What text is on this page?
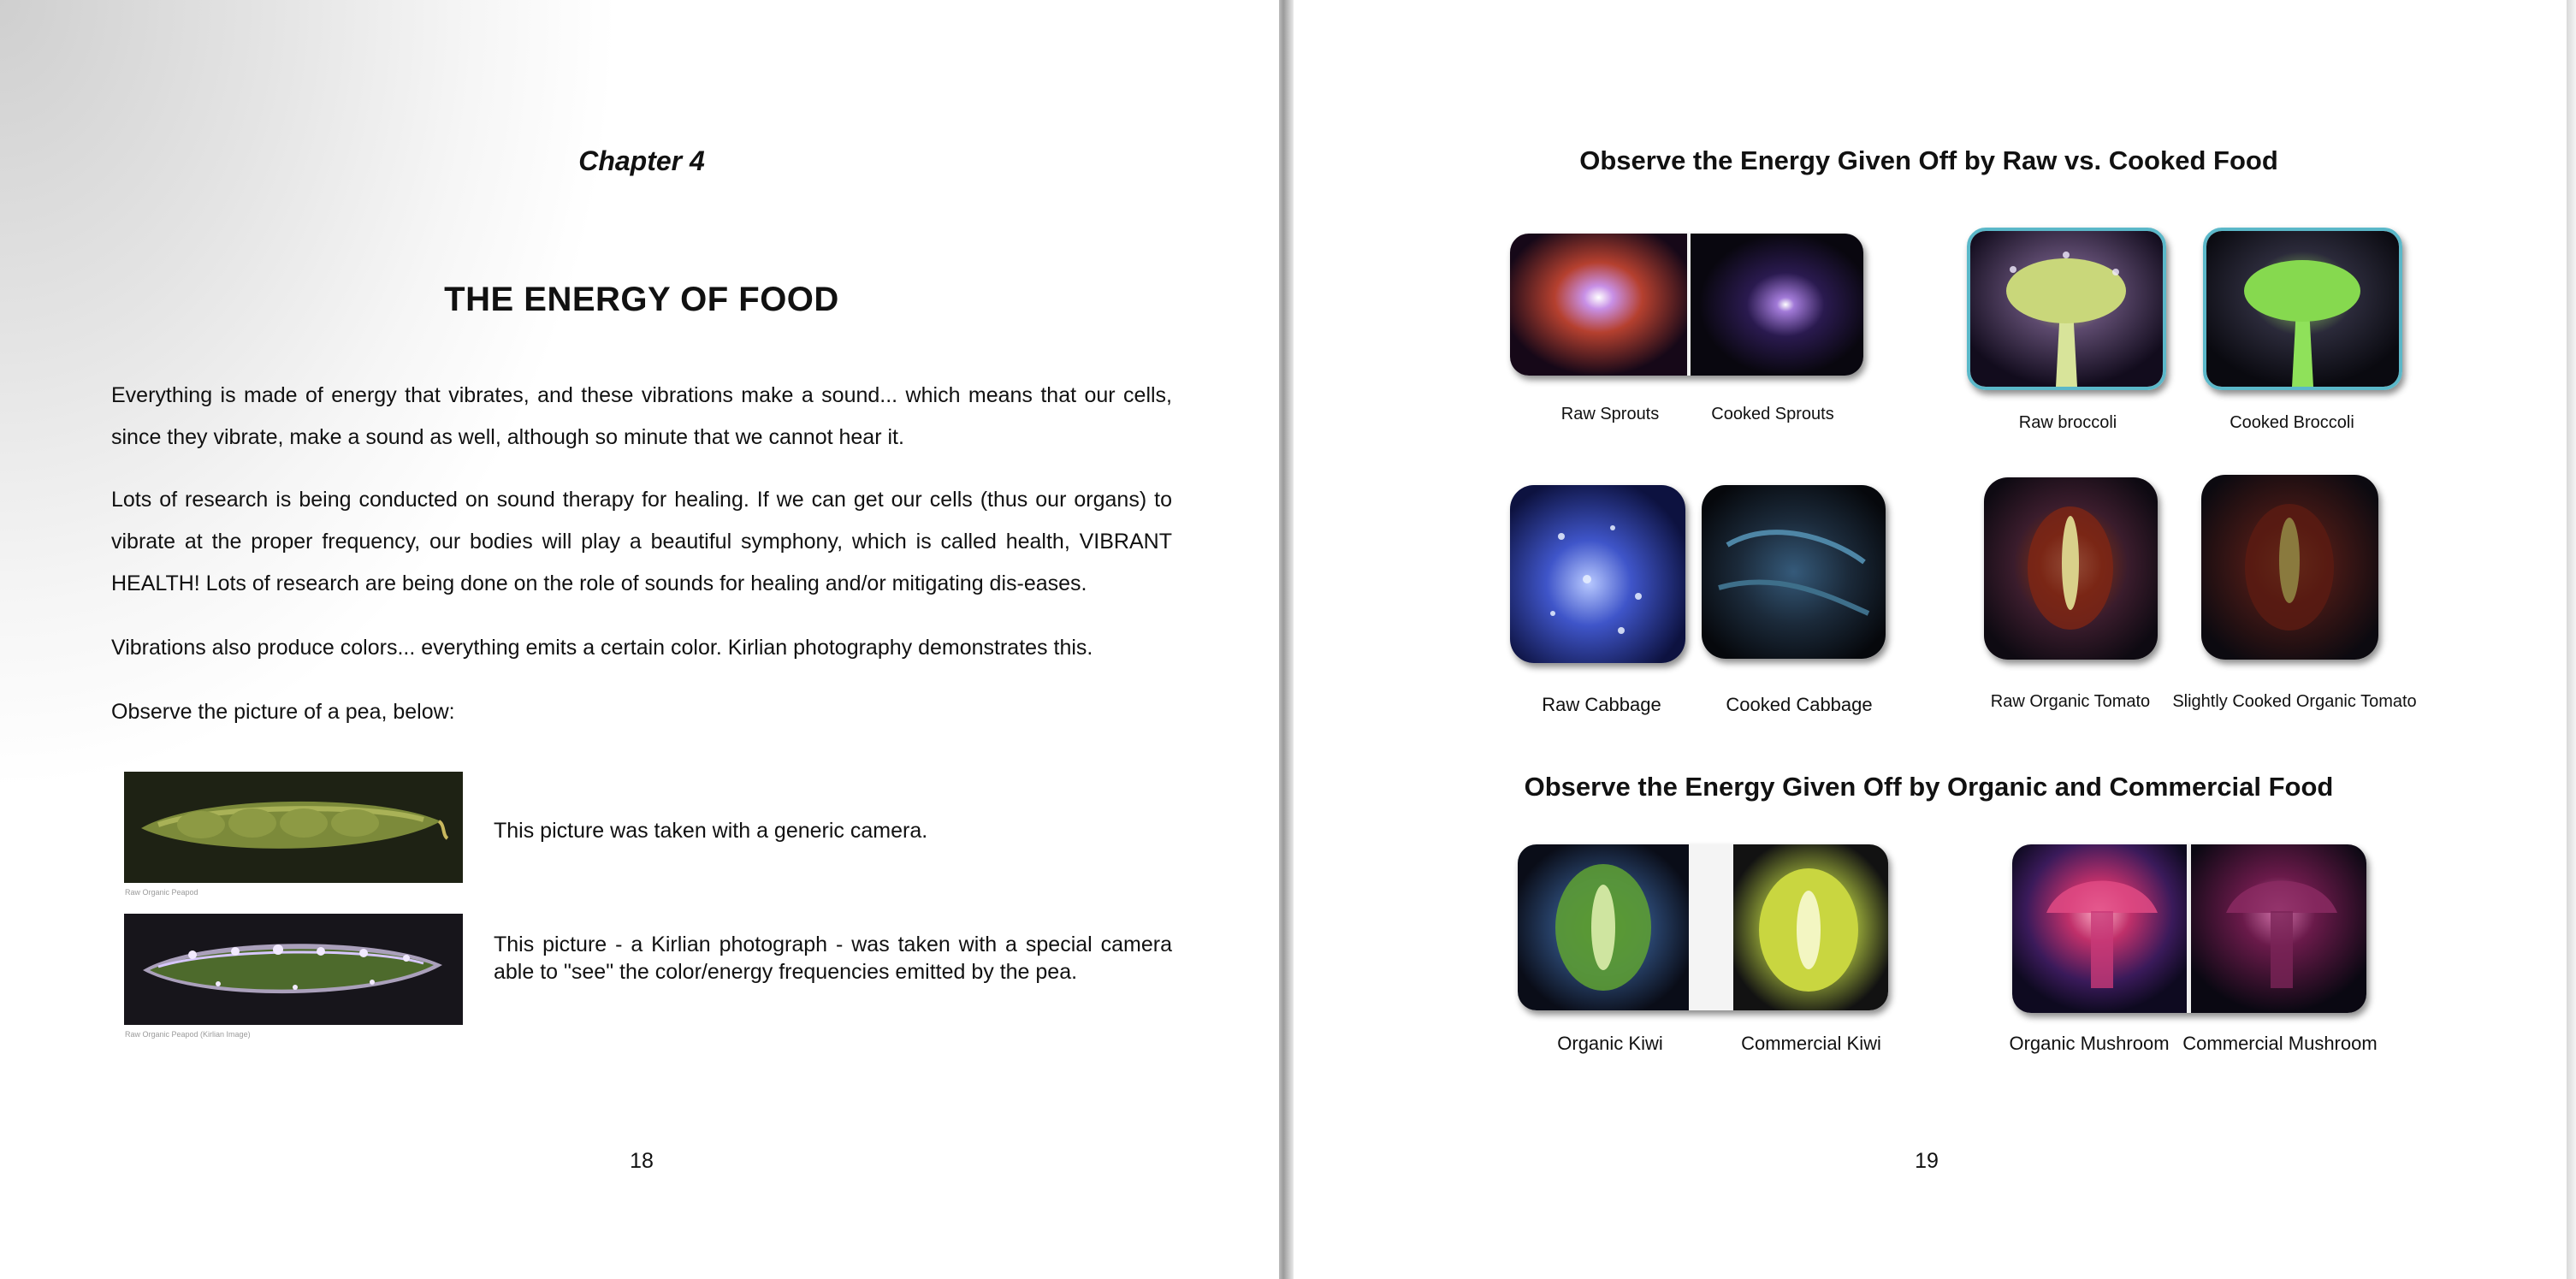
Chapter 4
THE ENERGY OF FOOD

Everything is made of energy that vibrates, and these vibrations make a sound... which means that our cells, since they vibrate, make a sound as well, although so minute that we cannot hear it.

Lots of research is being conducted on sound therapy for healing. If we can get our cells (thus our organs) to vibrate at the proper frequency, our bodies will play a beautiful symphony, which is called health, VIBRANT HEALTH! Lots of research are being done on the role of sounds for healing and/or mitigating dis-eases.

Vibrations also produce colors... everything emits a certain color. Kirlian photography demonstrates this.

Observe the picture of a pea, below:

Raw Organic Peapod
This picture was taken with a generic camera.
Raw Organic Peapod (Kirlian Image)
This picture - a Kirlian photograph - was taken with a special camera able to "see" the color/energy frequencies emitted by the pea.
18
Observe the Energy Given Off by Raw vs. Cooked Food
Raw Sprouts	Cooked Sprouts	Raw broccoli	Cooked Broccoli
Raw Cabbage	Cooked Cabbage	Raw Organic Tomato	Slightly Cooked Organic Tomato
Observe the Energy Given Off by Organic and Commercial Food
Organic Kiwi	Commercial Kiwi	Organic Mushroom Commercial Mushroom
19
